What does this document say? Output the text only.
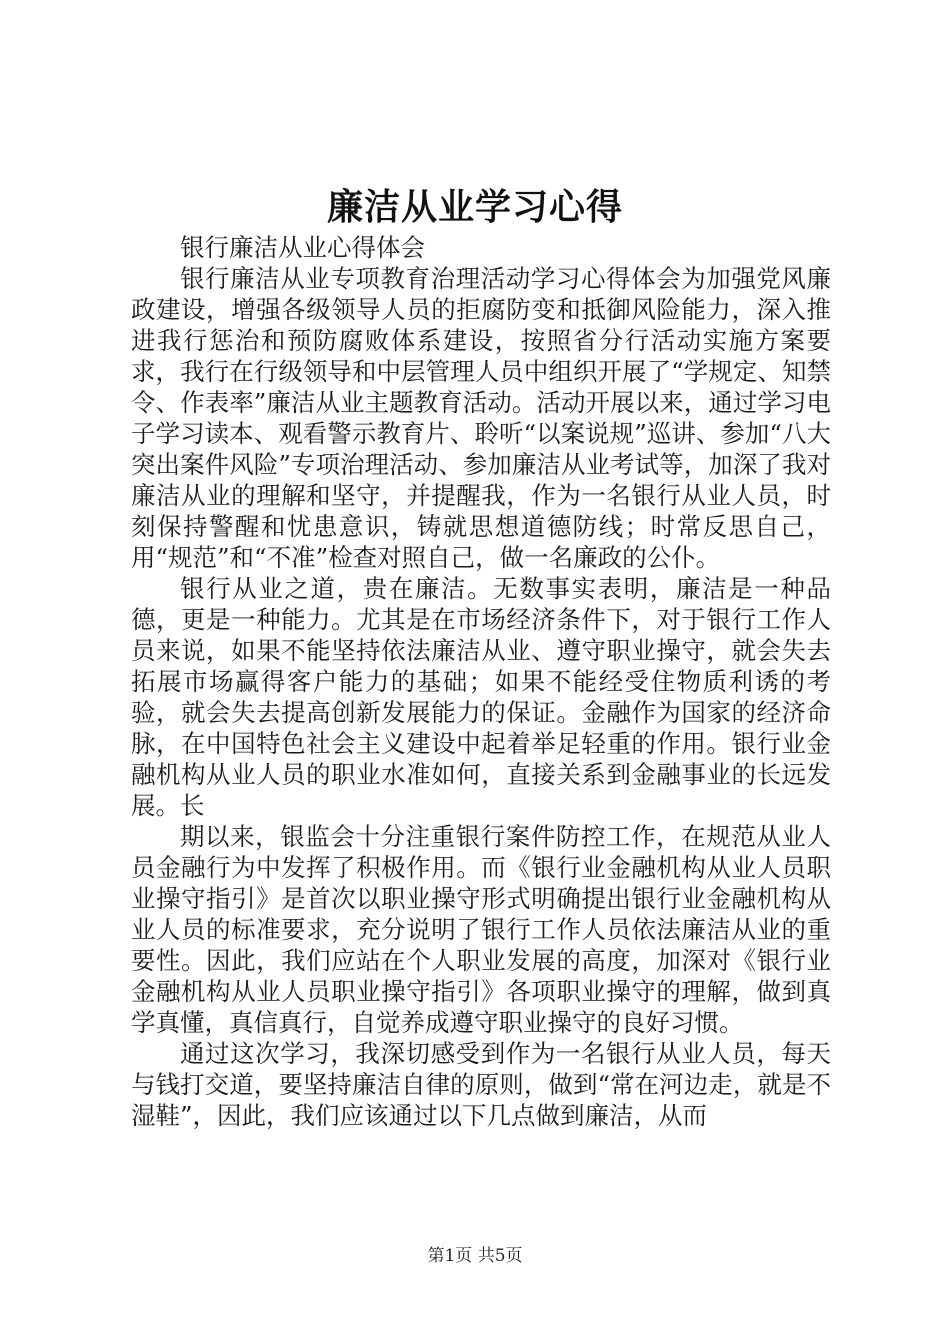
廉洁从业学习心得

银行廉洁从业心得体会

银行廉洁从业专项教育治理活动学习心得体会为加强党风廉政建设，增强各级领导人员的拒腐防变和抵御风险能力，深入推进我行惩治和预防腐败体系建设，按照省分行活动实施方案要求，我行在行级领导和中层管理人员中组织开展了“学规定、知禁令、作表率”廉洁从业主题教育活动。活动开展以来，通过学习电子学习读本、观看警示教育片、聆听“以案说规”巡讲、参加“八大突出案件风险”专项治理活动、参加廉洁从业考试等，加深了我对廉洁从业的理解和坚守，并提醒我，作为一名银行从业人员，时刻保持警醒和忧患意识，铸就思想道德防线；时常反思自己，用“规范”和“不准”检查对照自己，做一名廉政的公仆。

银行从业之道，贵在廉洁。无数事实表明，廉洁是一种品德，更是一种能力。尤其是在市场经济条件下，对于银行工作人员来说，如果不能坚持依法廉洁从业、遵守职业操守，就会失去拓展市场赢得客户能力的基础；如果不能经受住物质利诱的考验，就会失去提高创新发展能力的保证。金融作为国家的经济命脉，在中国特色社会主义建设中起着举足轻重的作用。银行业金融机构从业人员的职业水准如何，直接关系到金融事业的长远发展。长

期以来，银监会十分注重银行案件防控工作，在规范从业人员金融行为中发挥了积极作用。而《银行业金融机构从业人员职业操守指引》是首次以职业操守形式明确提出银行业金融机构从业人员的标准要求，充分说明了银行工作人员依法廉洁从业的重要性。因此，我们应站在个人职业发展的高度，加深对《银行业金融机构从业人员职业操守指引》各项职业操守的理解，做到真学真懂，真信真行，自觉养成遵守职业操守的良好习惯。

通过这次学习，我深切感受到作为一名银行从业人员，每天与钱打交道，要坚持廉洁自律的原则，做到“常在河边走，就是不湿鞋”，因此，我们应该通过以下几点做到廉洁，从而

第1页 共5页
